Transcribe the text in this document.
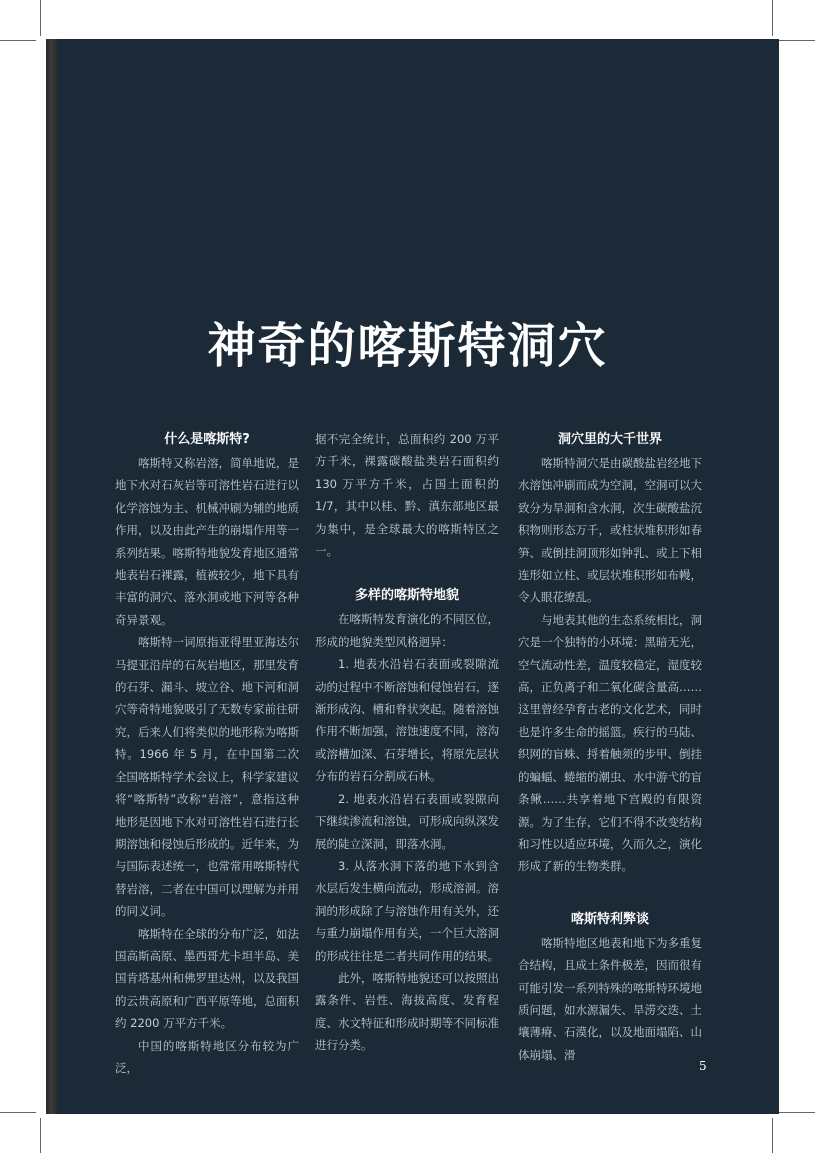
神奇的喀斯特洞穴
什么是喀斯特?

喀斯特又称岩溶，简单地说，是地下水对石灰岩等可溶性岩石进行以化学溶蚀为主、机械冲刷为辅的地质作用，以及由此产生的崩塌作用等一系列结果。喀斯特地貌发育地区通常地表岩石裸露，植被较少，地下具有丰富的洞穴、落水洞或地下河等各种奇异景观。

喀斯特一词原指亚得里亚海达尔马提亚沿岸的石灰岩地区，那里发育的石芽、漏斗、坡立谷、地下河和洞穴等奇特地貌吸引了无数专家前往研究，后来人们将类似的地形称为喀斯特。1966 年 5 月，在中国第二次全国喀斯特学术会议上，科学家建议将“喀斯特”改称“岩溶”，意指这种地形是因地下水对可溶性岩石进行长期溶蚀和侵蚀后形成的。近年来，为与国际表述统一，也常常用喀斯特代替岩溶，二者在中国可以理解为并用的同义词。

喀斯特在全球的分布广泛，如法国高斯高原、墨西哥尤卡坦半岛、美国肯塔基州和佛罗里达州，以及我国的云贵高原和广西平原等地，总面积约 2200 万平方千米。

中国的喀斯特地区分布较为广泛，

据不完全统计，总面积约 200 万平方千米，裸露碳酸盐类岩石面积约 130 万平方千米，占国土面积的 1/7，其中以桂、黔、滇东部地区最为集中，是全球最大的喀斯特区之一。

多样的喀斯特地貌

在喀斯特发育演化的不同区位，形成的地貌类型风格迥异：

1. 地表水沿岩石表面或裂隙流动的过程中不断溶蚀和侵蚀岩石，逐渐形成沟、槽和脊状突起。随着溶蚀作用不断加强，溶蚀速度不同，溶沟或溶槽加深、石芽增长，将原先层状分布的岩石分割成石林。

2. 地表水沿岩石表面或裂隙向下继续渗流和溶蚀，可形成向纵深发展的陡立深洞，即落水洞。

3. 从落水洞下落的地下水到含水层后发生横向流动，形成溶洞。溶洞的形成除了与溶蚀作用有关外，还与重力崩塌作用有关，一个巨大溶洞的形成往往是二者共同作用的结果。

此外，喀斯特地貌还可以按照出露条件、岩性、海拔高度、发育程度、水文特征和形成时期等不同标准进行分类。

洞穴里的大千世界

喀斯特洞穴是由碳酸盐岩经地下水溶蚀冲刷而成为空洞，空洞可以大致分为旱洞和含水洞，次生碳酸盐沉积物则形态万千，或柱状堆积形如春笋、或倒挂洞顶形如钟乳、或上下相连形如立柱、或层状堆积形如布幔，令人眼花缭乱。

与地表其他的生态系统相比，洞穴是一个独特的小环境：黑暗无光，空气流动性差，温度较稳定，湿度较高，正负离子和二氧化碳含量高……这里曾经孕育古老的文化艺术，同时也是许多生命的摇篮。疾行的马陆、织网的盲蛛、捋着触须的步甲、倒挂的蝙蝠、蜷缩的潮虫、水中游弋的盲条鳅……共享着地下宫殿的有限资源。为了生存，它们不得不改变结构和习性以适应环境，久而久之，演化形成了新的生物类群。

喀斯特利弊谈

喀斯特地区地表和地下为多重复合结构，且成土条件极差，因而很有可能引发一系列特殊的喀斯特环境地质问题，如水源漏失、旱涝交迭、土壤薄瘠、石漠化，以及地面塌陷、山体崩塌、滑

5
